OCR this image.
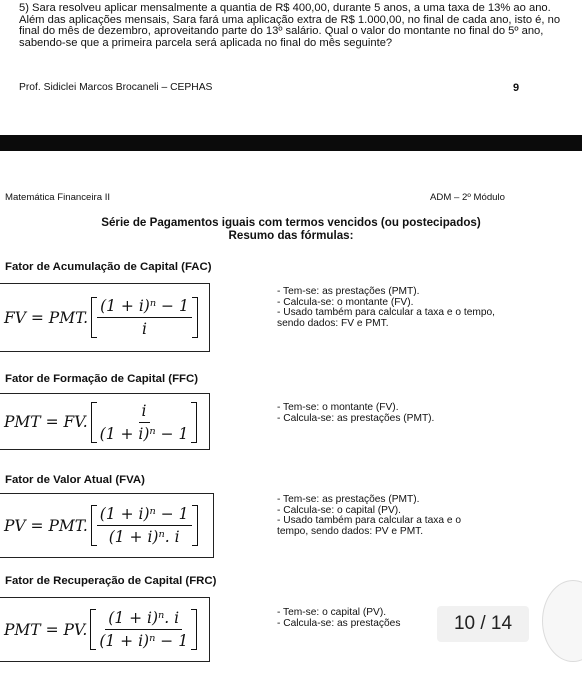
5) Sara resolveu aplicar mensalmente a quantia de R$ 400,00, durante 5 anos, a uma taxa de 13% ao ano. Além das aplicações mensais, Sara fará uma aplicação extra de R$ 1.000,00, no final de cada ano, isto é, no final do mês de dezembro, aproveitando parte do 13º salário. Qual o valor do montante no final do 5º ano, sabendo-se que a primeira parcela será aplicada no final do mês seguinte?
Prof. Sidiclei Marcos Brocaneli – CEPHAS	9
Matemática Financeira II	ADM – 2º Módulo
Série de Pagamentos iguais com termos vencidos (ou postecipados)
Resumo das fórmulas:
Fator de Acumulação de Capital (FAC)
FV = PMT. $\frac{\text{(1 + i)ⁿ − 1}}{i}$
- Tem-se: as prestações (PMT).
- Calcula-se: o montante (FV).
- Usado também para calcular a taxa e o tempo,
sendo dados: FV e PMT.
Fator de Formação de Capital (FFC)
PMT = FV. $\frac{i}{\text{(1 + i)ⁿ − 1}}$	- Tem-se: o montante (FV).
- Calcula-se: as prestações (PMT).
Fator de Valor Atual (FVA)
PV = PMT. $\frac{\text{(1 + i)ⁿ − 1}}{\text{(1 + i)ⁿ. i}}$
- Tem-se: as prestações (PMT).
- Calcula-se: o capital (PV).
- Usado também para calcular a taxa e o
tempo, sendo dados: PV e PMT.
Fator de Recuperação de Capital (FRC)
PMT = PV. $\frac{\text{(1 + i)ⁿ. i}}{\text{(1 + i)ⁿ − 1}}$	- Tem-se: o capital (PV).
- Calcula-se: as prestações	10 / 14
